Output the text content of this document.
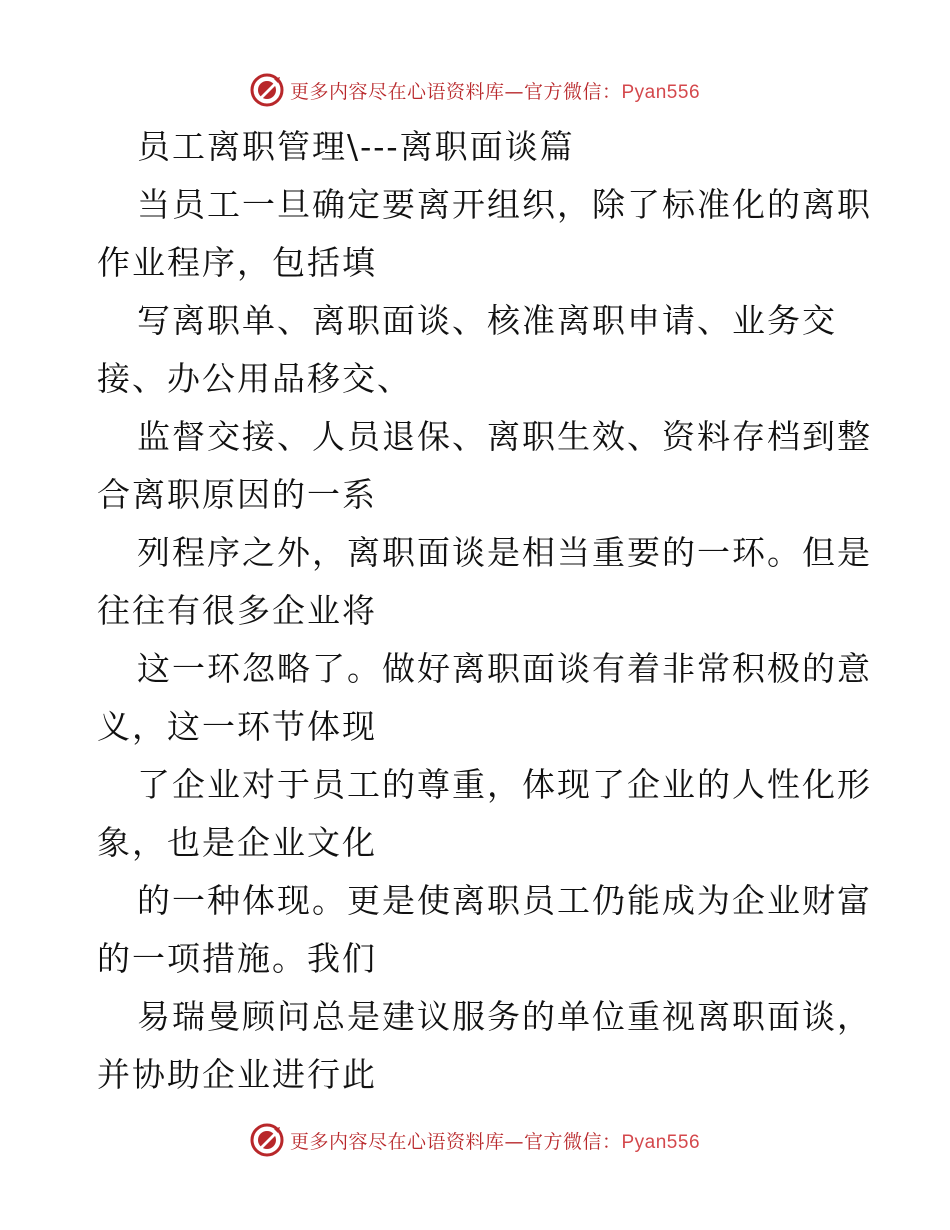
更多内容尽在心语资料库—官方微信：Pyan556
员工离职管理\---离职面谈篇
当员工一旦确定要离开组织，除了标准化的离职
作业程序，包括填
写离职单、离职面谈、核准离职申请、业务交
接、办公用品移交、
监督交接、人员退保、离职生效、资料存档到整
合离职原因的一系
列程序之外，离职面谈是相当重要的一环。但是
往往有很多企业将
这一环忽略了。做好离职面谈有着非常积极的意
义，这一环节体现
了企业对于员工的尊重，体现了企业的人性化形
象，也是企业文化
的一种体现。更是使离职员工仍能成为企业财富
的一项措施。我们
易瑞曼顾问总是建议服务的单位重视离职面谈，
并协助企业进行此
更多内容尽在心语资料库—官方微信：Pyan556
